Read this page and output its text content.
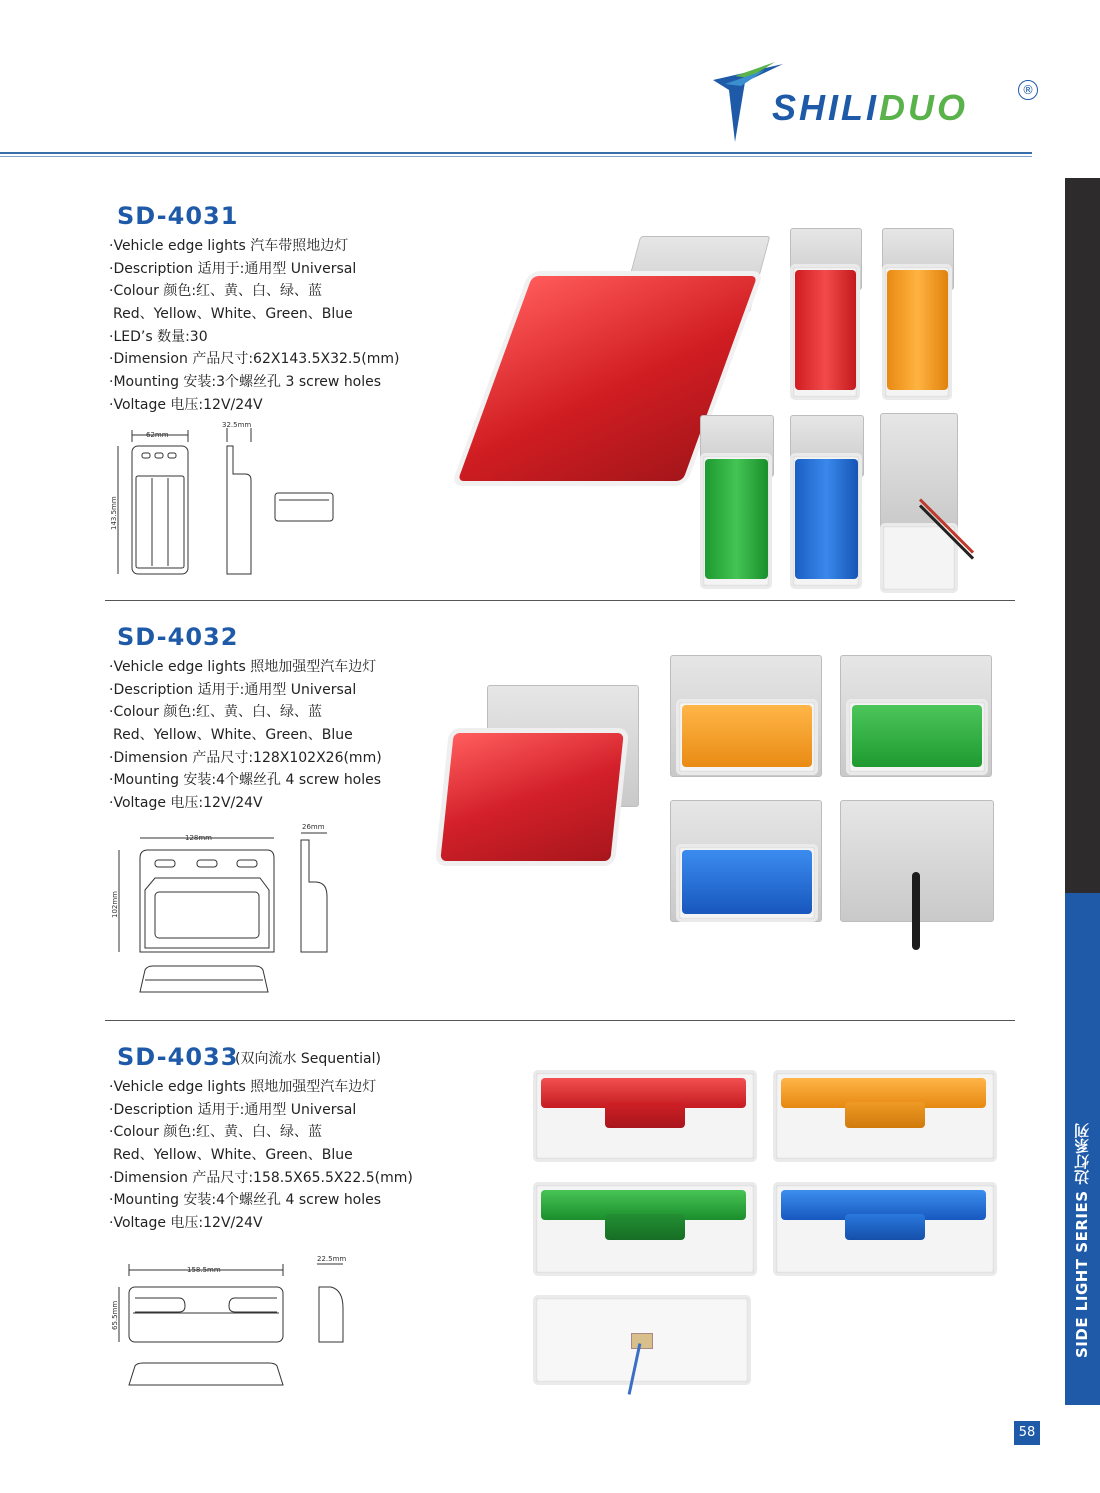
SHILIDUO	®
SIDE LIGHT SERIES 边灯系列
SD-4031
·Vehicle edge lights 汽车带照地边灯
·Description 适用于:通用型 Universal
·Colour 颜色:红、黄、白、绿、蓝
Red、Yellow、White、Green、Blue
·LED’s 数量:30
·Dimension 产品尺寸:62X143.5X32.5(mm)
·Mounting 安装:3个螺丝孔 3 screw holes
·Voltage 电压:12V/24V
62mm
143.5mm
32.5mm
SD-4032
·Vehicle edge lights 照地加强型汽车边灯
·Description 适用于:通用型 Universal
·Colour 颜色:红、黄、白、绿、蓝
Red、Yellow、White、Green、Blue
·Dimension 产品尺寸:128X102X26(mm)
·Mounting 安装:4个螺丝孔 4 screw holes
·Voltage 电压:12V/24V
128mm
102mm
26mm
SD-4033
(双向流水 Sequential)
·Vehicle edge lights 照地加强型汽车边灯
·Description 适用于:通用型 Universal
·Colour 颜色:红、黄、白、绿、蓝
Red、Yellow、White、Green、Blue
·Dimension 产品尺寸:158.5X65.5X22.5(mm)
·Mounting 安装:4个螺丝孔 4 screw holes
·Voltage 电压:12V/24V
158.5mm
65.5mm
22.5mm
58
